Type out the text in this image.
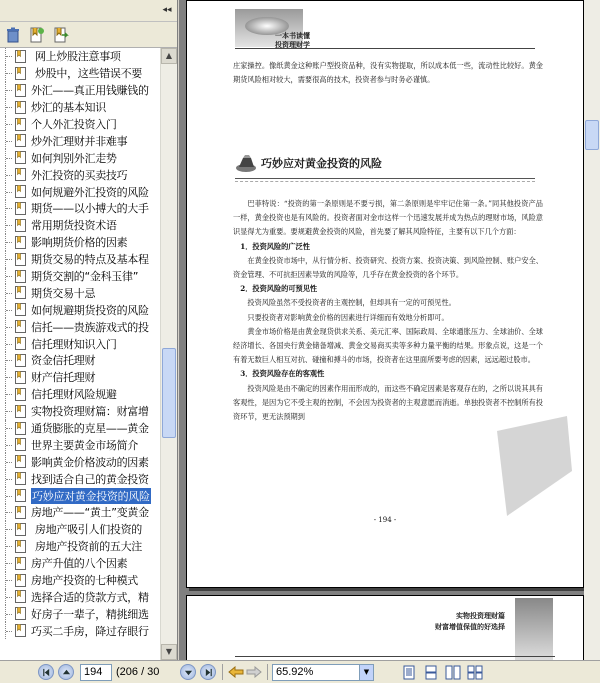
◂◂
网上炒股注意事项
炒股中，这些错误不要
外汇——真正用钱赚钱的
炒汇的基本知识
个人外汇投资入门
炒外汇理财并非难事
如何判别外汇走势
外汇投资的买卖技巧
如何规避外汇投资的风险
期货——以小搏大的大手
常用期货投资术语
影响期货价格的因素
期货交易的特点及基本程
期货交割的“金科玉律”
期货交易十忌
如何规避期货投资的风险
信托——贵族游戏式的投
信托理财知识入门
资金信托理财
财产信托理财
信托理财风险规避
实物投资理财篇：财富增
通货膨胀的克星——黄金
世界主要黄金市场简介
影响黄金价格波动的因素
找到适合自己的黄金投资
巧妙应对黄金投资的风险
房地产——“黄土”变黄金
房地产吸引人们投资的
房地产投资前的五大注
房产升值的八个因素
房地产投资的七种模式
选择合适的贷款方式，精
好房子一辈子，精挑细选
巧买二手房，降过存眼行
▲
▼
一本书读懂
投资理财学

庄家操控。像纸黄金这种账户型投资品种，没有实物提取，所以成本低一些，流动性比较好。黄金期货风险相对较大，需要很高的技术，投资者参与时务必谨慎。

巧妙应对黄金投资的风险

巴菲特说：“投资的第一条原则是不要亏损，第二条原则是牢牢记住第一条。”同其他投资产品一样，黄金投资也是有风险的。投资者面对金市这样一个迅速发展并成为热点的理财市场，风险意识显得尤为重要。要规避黄金投资的风险，首先要了解其风险特征，主要有以下几个方面：

1．投资风险的广泛性

在黄金投资市场中，从行情分析、投资研究、投资方案、投资决策、到风险控制、账户安全、资金管理、不可抗拒因素导致的风险等，几乎存在黄金投资的各个环节。

2．投资风险的可预见性

投资风险虽然不受投资者的主观控制，但却具有一定的可预见性。

只要投资者对影响黄金价格的因素进行详细而有效地分析即可。

黄金市场价格是由黄金现货供求关系、美元汇率、国际政局、全球通胀压力、全球油价、全球经济增长、各国央行黄金储备增减、黄金交易商买卖等多种力量平衡的结果。形象点说，这是一个有着无数巨人相互对抗、碰撞和搏斗的市场，投资者在这里面所要考虑的因素，远远超过股市。

3．投资风险存在的客观性

投资风险是由不确定的因素作用而形成的，而这些不确定因素是客观存在的，之所以说其具有客观性，是因为它不受主观的控制，不会因为投资者的主观意愿而消逝。单独投资者不控制所有投资环节，更无法预期到

- 194 -
实物投资理财篇
财富增值保值的好选择
194	(206 / 30	65.92%	▼
